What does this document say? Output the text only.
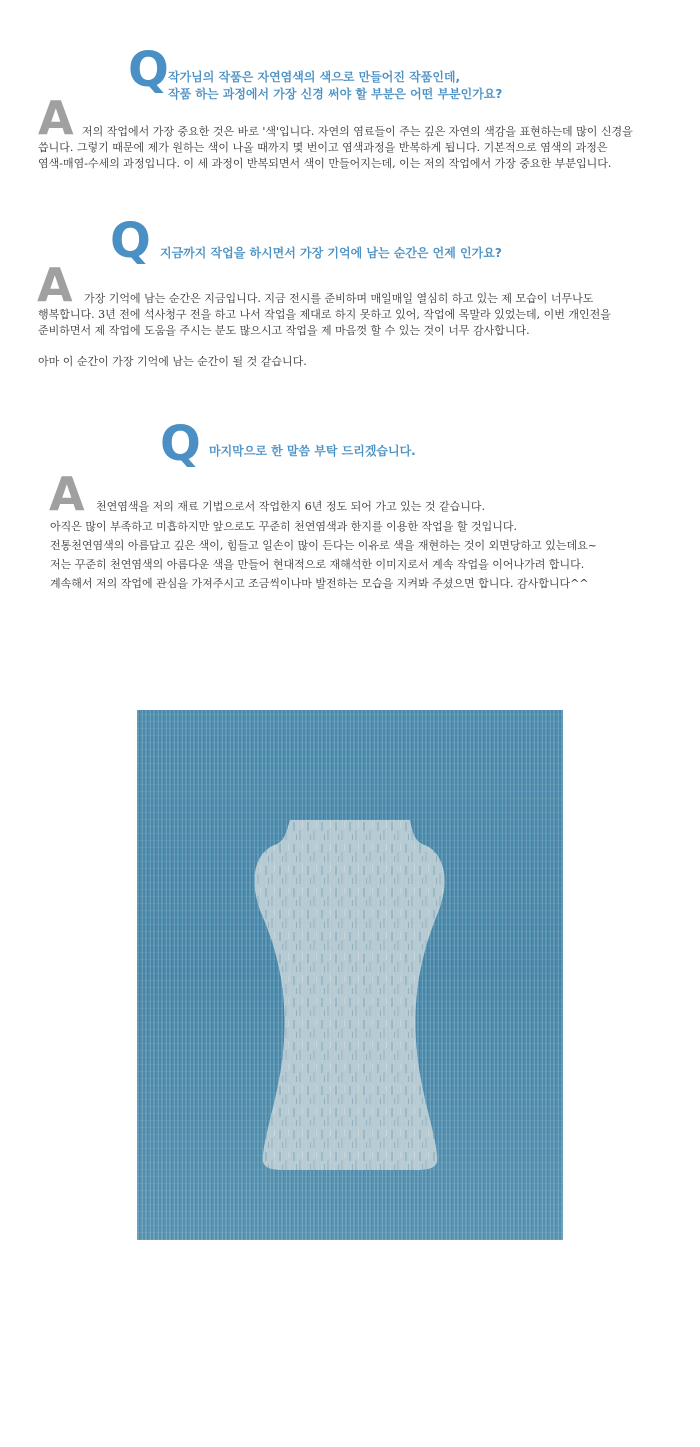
Q 작가님의 작품은 자연염색의 색으로 만들어진 작품인데,
작품 하는 과정에서 가장 신경 써야 할 부분은 어떤 부분인가요?
A 저의 작업에서 가장 중요한 것은 바로 '색'입니다. 자연의 염료들이 주는 깊은 자연의 색감을 표현하는데 많이 신경을
씁니다. 그렇기 때문에 제가 원하는 색이 나올 때까지 몇 번이고 염색과정을 반복하게 됩니다. 기본적으로 염색의 과정은
염색-매염-수세의 과정입니다. 이 세 과정이 반복되면서 색이 만들어지는데, 이는 저의 작업에서 가장 중요한 부분입니다.
Q 지금까지 작업을 하시면서 가장 기억에 남는 순간은 언제 인가요?
A 가장 기억에 남는 순간은 지금입니다. 지금 전시를 준비하며 매일매일 열심히 하고 있는 제 모습이 너무나도
행복합니다. 3년 전에 석사청구 전을 하고 나서 작업을 제대로 하지 못하고 있어, 작업에 목말라 있었는데, 이번 개인전을
준비하면서 제 작업에 도움을 주시는 분도 많으시고 작업을 제 마음껏 할 수 있는 것이 너무 감사합니다.
아마 이 순간이 가장 기억에 남는 순간이 될 것 같습니다.
Q 마지막으로 한 말씀 부탁 드리겠습니다.
A 천연염색을 저의 재료 기법으로서 작업한지 6년 정도 되어 가고 있는 것 같습니다.
아직은 많이 부족하고 미흡하지만 앞으로도 꾸준히 천연염색과 한지를 이용한 작업을 할 것입니다.
전통천연염색의 아름답고 깊은 색이, 힘들고 일손이 많이 든다는 이유로 색을 재현하는 것이 외면당하고 있는데요~
저는 꾸준히 천연염색의 아름다운 색을 만들어 현대적으로 재해석한 이미지로서 계속 작업을 이어나가려 합니다.
계속해서 저의 작업에 관심을 가져주시고 조금씩이나마 발전하는 모습을 지켜봐 주셨으면 합니다. 감사합니다^^
